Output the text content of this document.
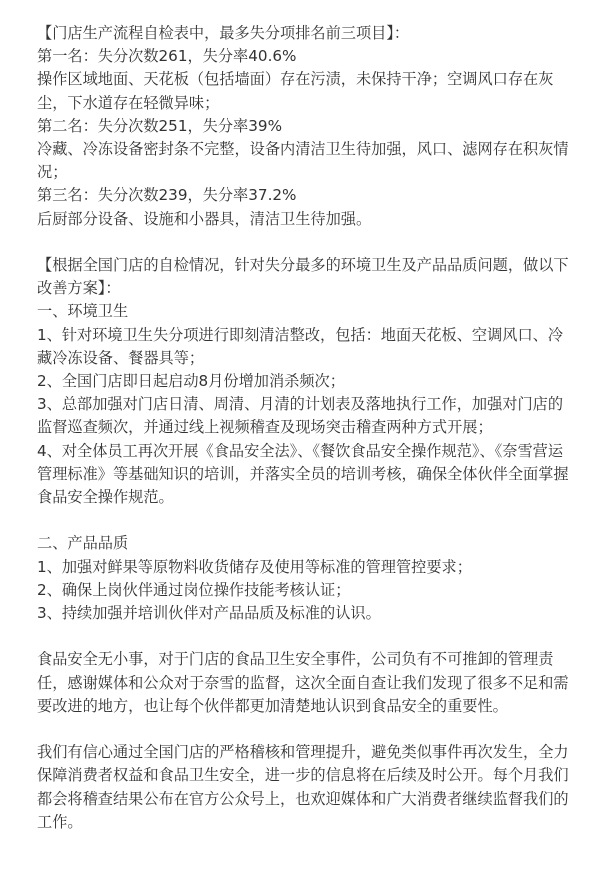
【门店生产流程自检表中，最多失分项排名前三项目】：

第一名：失分次数261，失分率40.6%

操作区域地面、天花板（包括墙面）存在污渍，未保持干净；空调风口存在灰尘，下水道存在轻微异味；

第二名：失分次数251，失分率39%

冷藏、冷冻设备密封条不完整，设备内清洁卫生待加强，风口、滤网存在积灰情况；

第三名：失分次数239，失分率37.2%

后厨部分设备、设施和小器具，清洁卫生待加强。

【根据全国门店的自检情况，针对失分最多的环境卫生及产品品质问题，做以下改善方案】：

一、环境卫生

1、针对环境卫生失分项进行即刻清洁整改，包括：地面天花板、空调风口、冷藏冷冻设备、餐器具等；

2、全国门店即日起启动8月份增加消杀频次；

3、总部加强对门店日清、周清、月清的计划表及落地执行工作，加强对门店的监督巡查频次，并通过线上视频稽查及现场突击稽查两种方式开展；

4、对全体员工再次开展《食品安全法》、《餐饮食品安全操作规范》、《奈雪营运管理标准》等基础知识的培训，并落实全员的培训考核，确保全体伙伴全面掌握食品安全操作规范。

二、产品品质

1、加强对鲜果等原物料收货储存及使用等标准的管理管控要求；

2、确保上岗伙伴通过岗位操作技能考核认证；

3、持续加强并培训伙伴对产品品质及标准的认识。

食品安全无小事，对于门店的食品卫生安全事件，公司负有不可推卸的管理责任，感谢媒体和公众对于奈雪的监督，这次全面自查让我们发现了很多不足和需要改进的地方，也让每个伙伴都更加清楚地认识到食品安全的重要性。

我们有信心通过全国门店的严格稽核和管理提升，避免类似事件再次发生，全力保障消费者权益和食品卫生安全，进一步的信息将在后续及时公开。每个月我们都会将稽查结果公布在官方公众号上，也欢迎媒体和广大消费者继续监督我们的工作。
